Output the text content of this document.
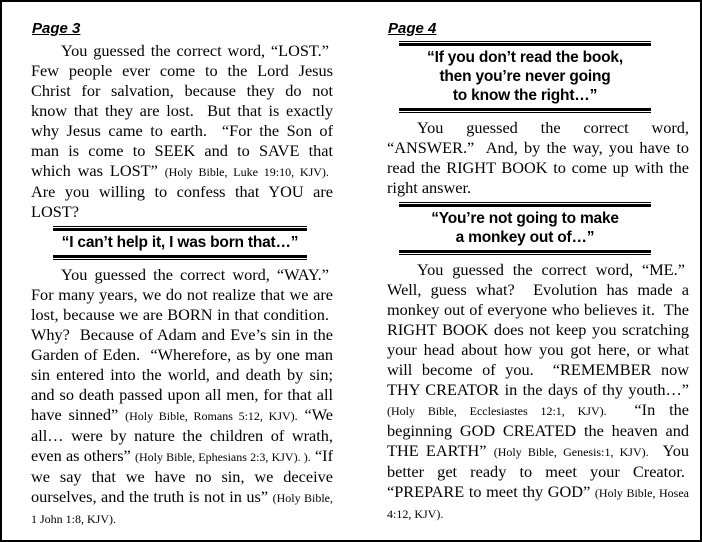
Page 3

You guessed the correct word, “LOST.”  Few people ever come to the Lord Jesus Christ for salvation, because they do not know that they are lost.  But that is exactly why Jesus came to earth.  “For the Son of man is come to SEEK and to SAVE that which was LOST” (Holy Bible, Luke 19:10, KJV).  Are you willing to confess that YOU are LOST?

“I can’t help it, I was born that…”

You guessed the correct word, “WAY.”  For many years, we do not realize that we are lost, because we are BORN in that condition.  Why?  Because of Adam and Eve’s sin in the Garden of Eden.  “Wherefore, as by one man sin entered into the world, and death by sin; and so death passed upon all men, for that all have sinned” (Holy Bible, Romans 5:12, KJV). “We all… were by nature the children of wrath, even as others” (Holy Bible, Ephesians 2:3, KJV). ). “If we say that we have no sin, we deceive ourselves, and the truth is not in us” (Holy Bible, 1 John 1:8, KJV).

Page 4
“If you don’t read the book,
then you’re never going
to know the right…”

You guessed the correct word, “ANSWER.”  And, by the way, you have to read the RIGHT BOOK to come up with the right answer.

“You’re not going to make
a monkey out of…”

You guessed the correct word, “ME.”  Well, guess what?  Evolution has made a monkey out of everyone who believes it.  The RIGHT BOOK does not keep you scratching your head about how you got here, or what will become of you.  “REMEMBER now THY CREATOR in the days of thy youth…” (Holy Bible, Ecclesiastes 12:1, KJV).  “In the beginning GOD CREATED the heaven and THE EARTH” (Holy Bible, Genesis:1, KJV).  You better get ready to meet your Creator.  “PREPARE to meet thy GOD” (Holy Bible, Hosea 4:12, KJV).
